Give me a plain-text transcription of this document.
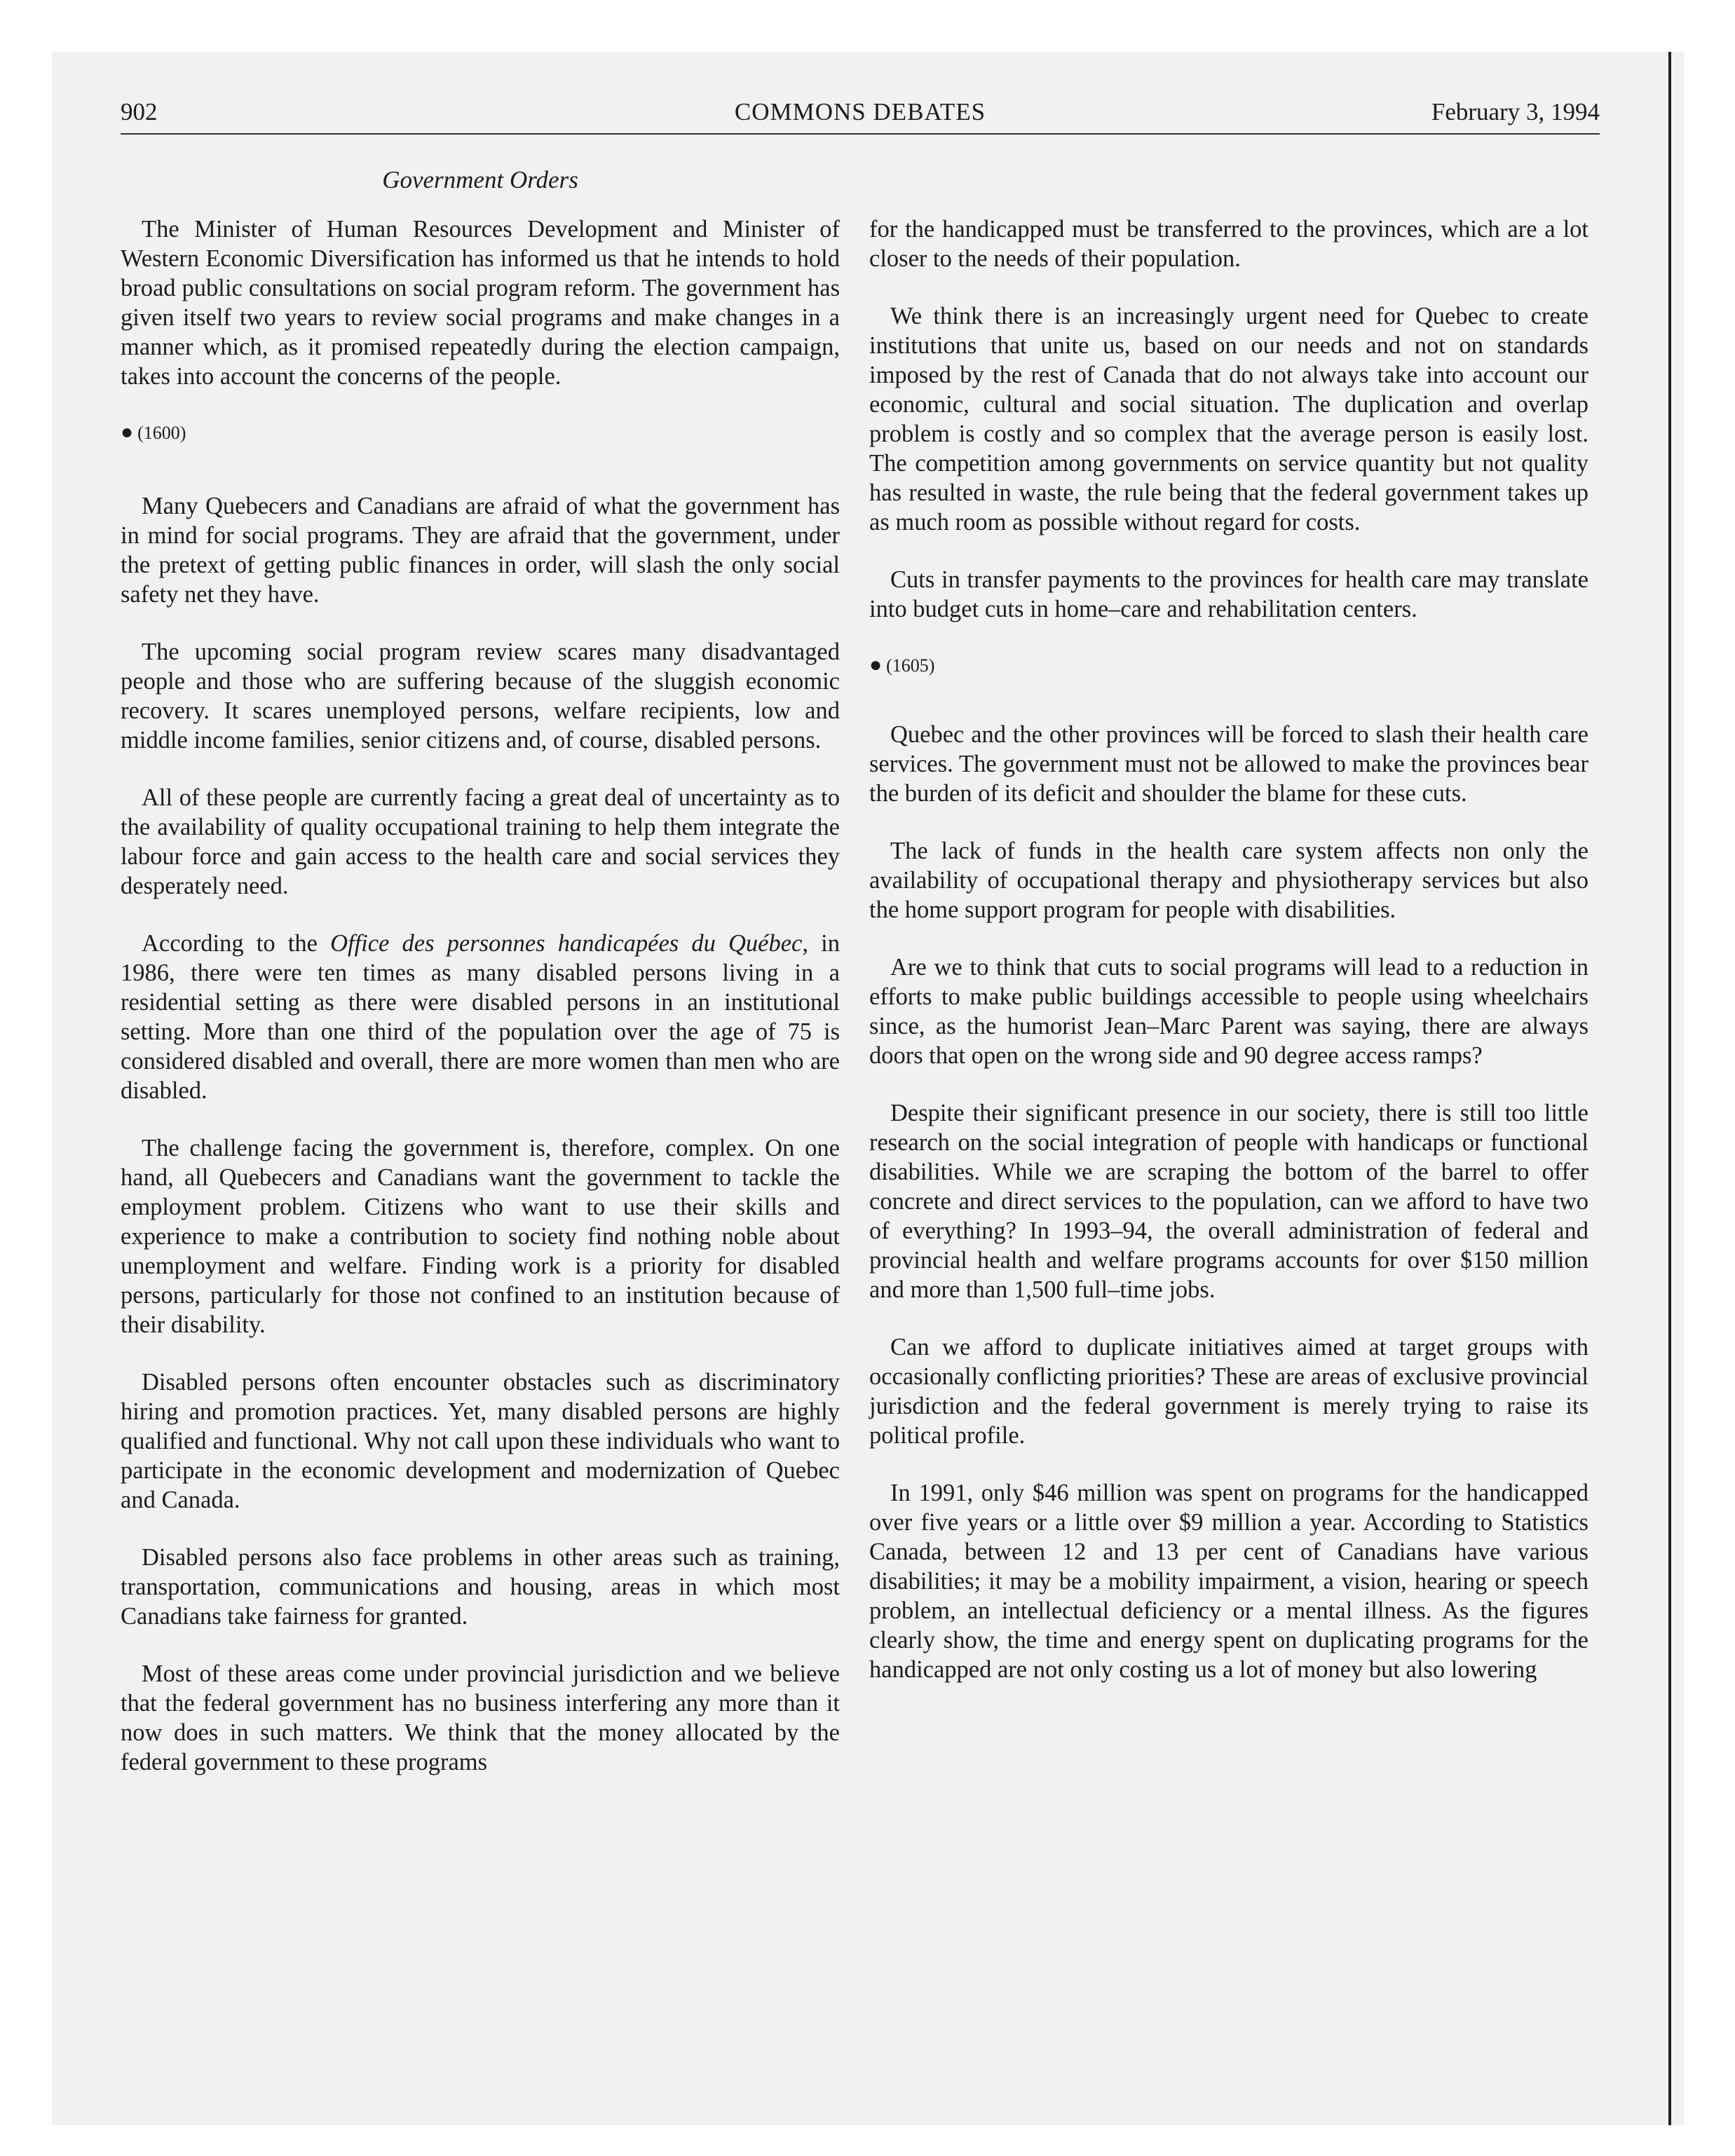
902	COMMONS DEBATES	February 3, 1994
Government Orders

The Minister of Human Resources Development and Minister of Western Economic Diversification has informed us that he intends to hold broad public consultations on social program reform. The government has given itself two years to review social programs and make changes in a manner which, as it promised repeatedly during the election campaign, takes into account the concerns of the people.

● (1600)

Many Quebecers and Canadians are afraid of what the government has in mind for social programs. They are afraid that the government, under the pretext of getting public finances in order, will slash the only social safety net they have.

The upcoming social program review scares many disadvantaged people and those who are suffering because of the sluggish economic recovery. It scares unemployed persons, welfare recipients, low and middle income families, senior citizens and, of course, disabled persons.

All of these people are currently facing a great deal of uncertainty as to the availability of quality occupational training to help them integrate the labour force and gain access to the health care and social services they desperately need.

According to the Office des personnes handicapées du Québec, in 1986, there were ten times as many disabled persons living in a residential setting as there were disabled persons in an institutional setting. More than one third of the population over the age of 75 is considered disabled and overall, there are more women than men who are disabled.

The challenge facing the government is, therefore, complex. On one hand, all Quebecers and Canadians want the government to tackle the employment problem. Citizens who want to use their skills and experience to make a contribution to society find nothing noble about unemployment and welfare. Finding work is a priority for disabled persons, particularly for those not confined to an institution because of their disability.

Disabled persons often encounter obstacles such as discriminatory hiring and promotion practices. Yet, many disabled persons are highly qualified and functional. Why not call upon these individuals who want to participate in the economic development and modernization of Quebec and Canada.

Disabled persons also face problems in other areas such as training, transportation, communications and housing, areas in which most Canadians take fairness for granted.

Most of these areas come under provincial jurisdiction and we believe that the federal government has no business interfering any more than it now does in such matters. We think that the money allocated by the federal government to these programs

for the handicapped must be transferred to the provinces, which are a lot closer to the needs of their population.

We think there is an increasingly urgent need for Quebec to create institutions that unite us, based on our needs and not on standards imposed by the rest of Canada that do not always take into account our economic, cultural and social situation. The duplication and overlap problem is costly and so complex that the average person is easily lost. The competition among governments on service quantity but not quality has resulted in waste, the rule being that the federal government takes up as much room as possible without regard for costs.

Cuts in transfer payments to the provinces for health care may translate into budget cuts in home–care and rehabilitation centers.

● (1605)

Quebec and the other provinces will be forced to slash their health care services. The government must not be allowed to make the provinces bear the burden of its deficit and shoulder the blame for these cuts.

The lack of funds in the health care system affects non only the availability of occupational therapy and physiotherapy services but also the home support program for people with disabilities.

Are we to think that cuts to social programs will lead to a reduction in efforts to make public buildings accessible to people using wheelchairs since, as the humorist Jean–Marc Parent was saying, there are always doors that open on the wrong side and 90 degree access ramps?

Despite their significant presence in our society, there is still too little research on the social integration of people with handicaps or functional disabilities. While we are scraping the bottom of the barrel to offer concrete and direct services to the population, can we afford to have two of everything? In 1993–94, the overall administration of federal and provincial health and welfare programs accounts for over $150 million and more than 1,500 full–time jobs.

Can we afford to duplicate initiatives aimed at target groups with occasionally conflicting priorities? These are areas of exclusive provincial jurisdiction and the federal government is merely trying to raise its political profile.

In 1991, only $46 million was spent on programs for the handicapped over five years or a little over $9 million a year. According to Statistics Canada, between 12 and 13 per cent of Canadians have various disabilities; it may be a mobility impairment, a vision, hearing or speech problem, an intellectual deficiency or a mental illness. As the figures clearly show, the time and energy spent on duplicating programs for the handicapped are not only costing us a lot of money but also lowering
